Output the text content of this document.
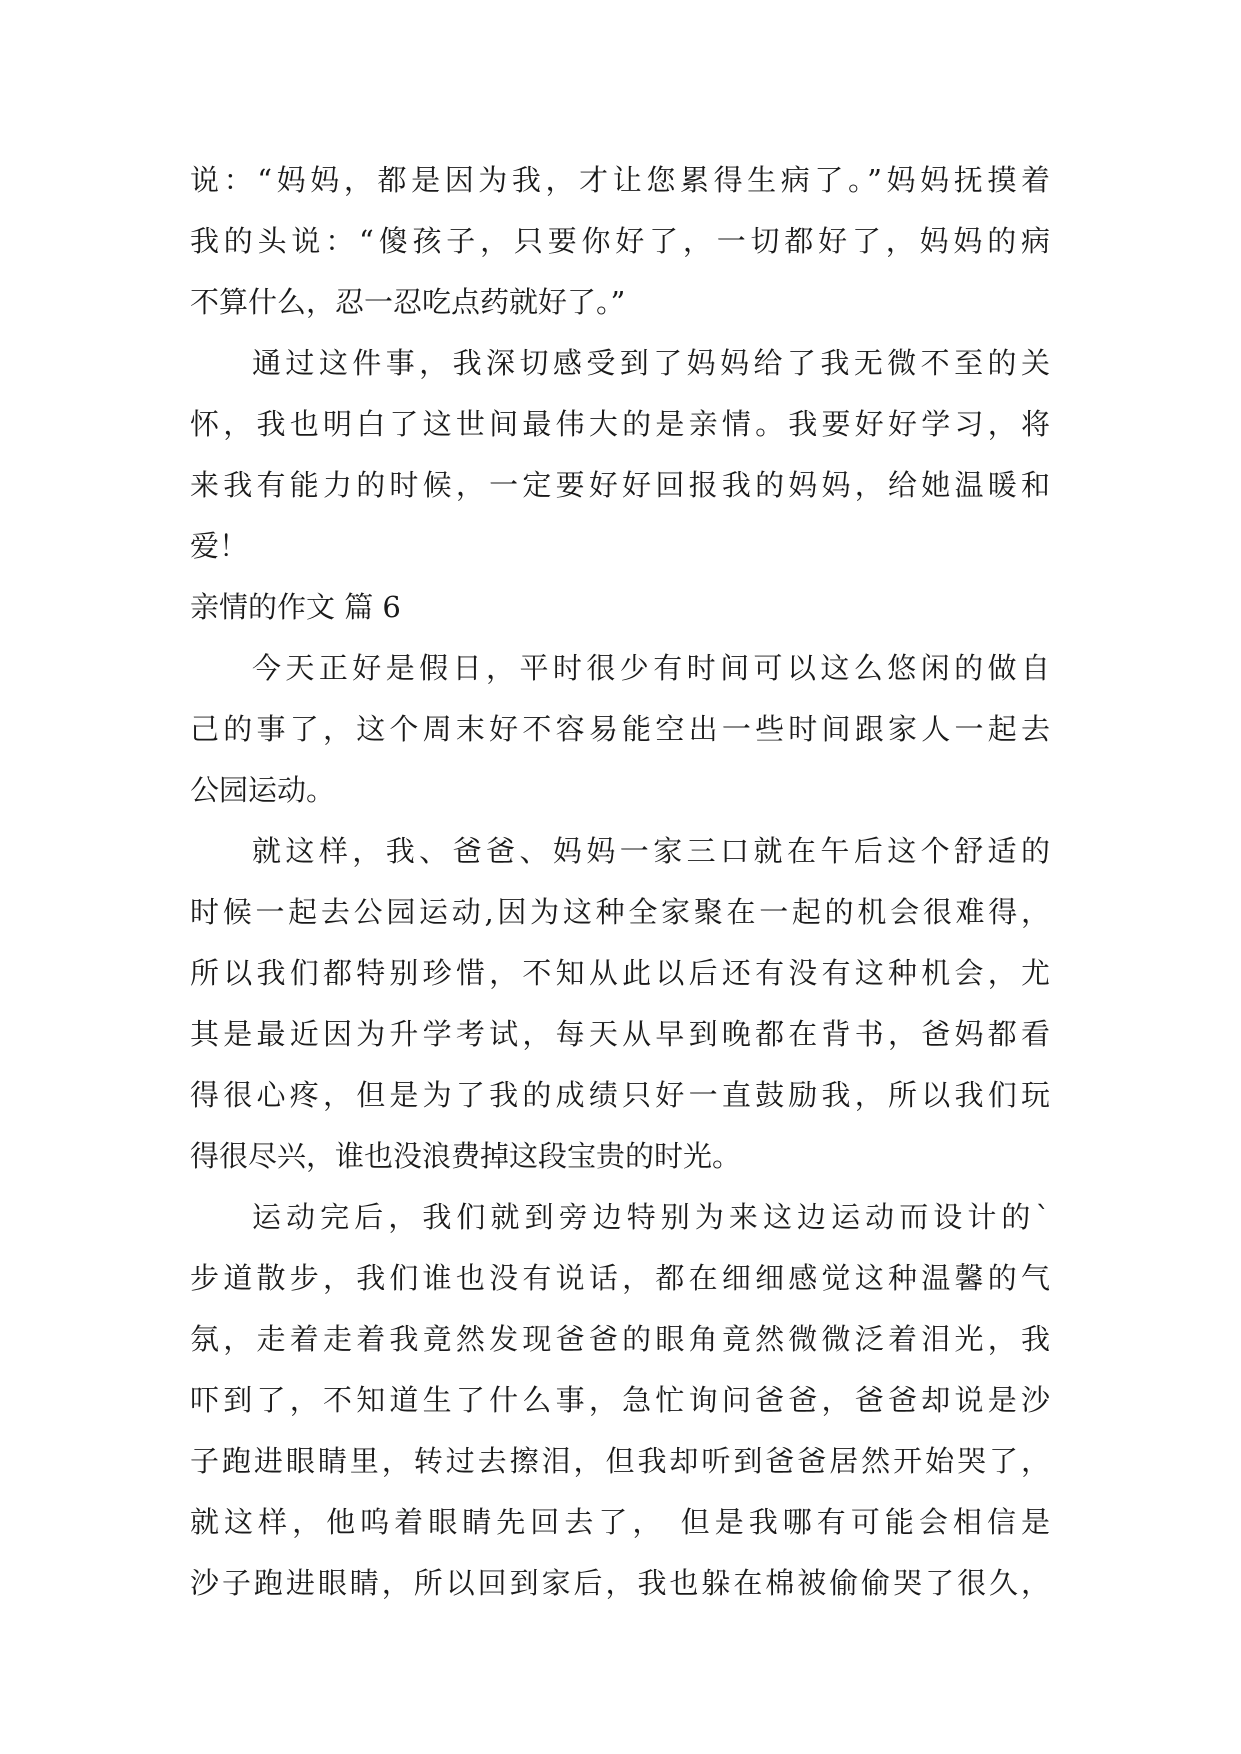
说：“妈妈，都是因为我，才让您累得生病了。”妈妈抚摸着
我的头说：“傻孩子，只要你好了，一切都好了，妈妈的病
不算什么，忍一忍吃点药就好了。”
通过这件事，我深切感受到了妈妈给了我无微不至的关
怀，我也明白了这世间最伟大的是亲情。我要好好学习，将
来我有能力的时候，一定要好好回报我的妈妈，给她温暖和
爱！
亲情的作文 篇 6
今天正好是假日，平时很少有时间可以这么悠闲的做自
己的事了，这个周末好不容易能空出一些时间跟家人一起去
公园运动。
就这样，我、爸爸、妈妈一家三口就在午后这个舒适的
时候一起去公园运动,因为这种全家聚在一起的机会很难得，
所以我们都特别珍惜，不知从此以后还有没有这种机会，尤
其是最近因为升学考试，每天从早到晚都在背书，爸妈都看
得很心疼，但是为了我的成绩只好一直鼓励我，所以我们玩
得很尽兴，谁也没浪费掉这段宝贵的时光。
运动完后，我们就到旁边特别为来这边运动而设计的`
步道散步，我们谁也没有说话，都在细细感觉这种温馨的气
氛，走着走着我竟然发现爸爸的眼角竟然微微泛着泪光，我
吓到了，不知道生了什么事，急忙询问爸爸，爸爸却说是沙
子跑进眼睛里，转过去擦泪，但我却听到爸爸居然开始哭了，
就这样，他呜着眼睛先回去了， 但是我哪有可能会相信是
沙子跑进眼睛，所以回到家后，我也躲在棉被偷偷哭了很久，
